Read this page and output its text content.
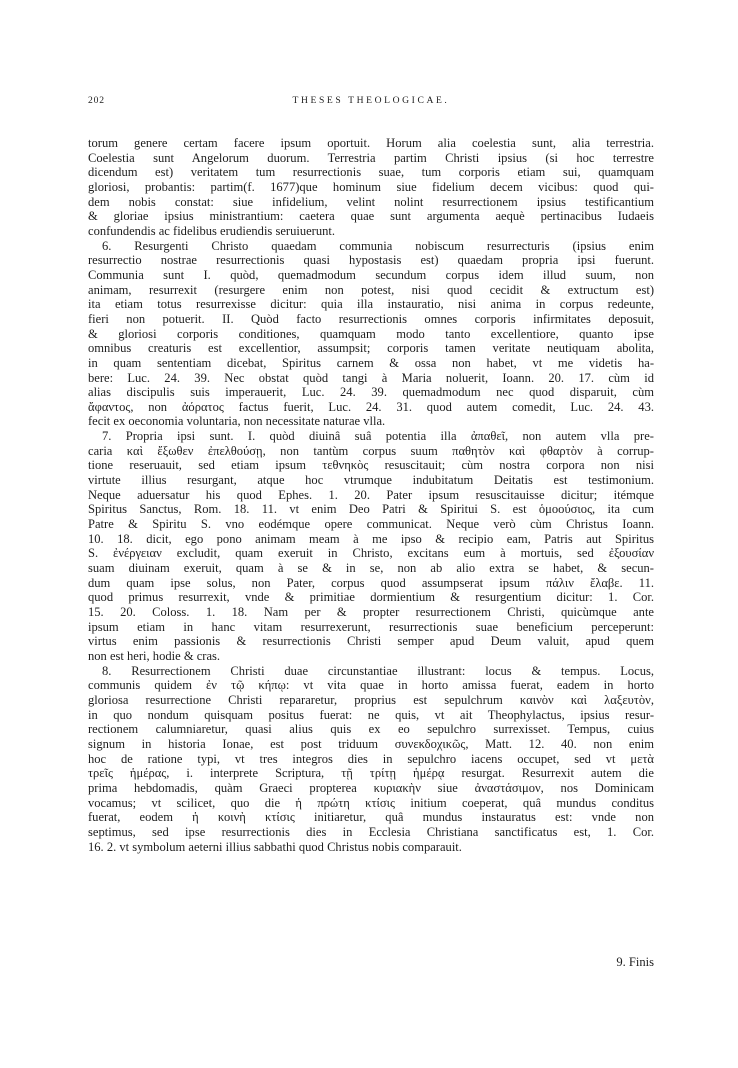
202	THESES THEOLOGICAE.

torum genere certam facere ipsum oportuit. Horum alia coelestia sunt, alia terrestria.

Coelestia sunt Angelorum duorum. Terrestria partim Christi ipsius (si hoc terrestre

dicendum est) veritatem tum resurrectionis suae, tum corporis etiam sui, quamquam

gloriosi, probantis: partim(f. 1677)que hominum siue fidelium decem vicibus: quod qui-

dem nobis constat: siue infidelium, velint nolint resurrectionem ipsius testificantium

& gloriae ipsius ministrantium: caetera quae sunt argumenta aequè pertinacibus Iudaeis

confundendis ac fidelibus erudiendis seruiuerunt.

6. Resurgenti Christo quaedam communia nobiscum resurrecturis (ipsius enim

resurrectio nostrae resurrectionis quasi hypostasis est) quaedam propria ipsi fuerunt.

Communia sunt I. quòd, quemadmodum secundum corpus idem illud suum, non

animam, resurrexit (resurgere enim non potest, nisi quod cecidit & extructum est)

ita etiam totus resurrexisse dicitur: quia illa instauratio, nisi anima in corpus redeunte,

fieri non potuerit. II. Quòd facto resurrectionis omnes corporis infirmitates deposuit,

& gloriosi corporis conditiones, quamquam modo tanto excellentiore, quanto ipse

omnibus creaturis est excellentior, assumpsit; corporis tamen veritate neutiquam abolita,

in quam sententiam dicebat, Spiritus carnem & ossa non habet, vt me videtis ha-

bere: Luc. 24. 39. Nec obstat quòd tangi à Maria noluerit, Ioann. 20. 17. cùm id

alias discipulis suis imperauerit, Luc. 24. 39. quemadmodum nec quod disparuit, cùm

ἄφαντος, non ἀόρατος factus fuerit, Luc. 24. 31. quod autem comedit, Luc. 24. 43.

fecit ex oeconomia voluntaria, non necessitate naturae vlla.

7. Propria ipsi sunt. I. quòd diuinâ suâ potentia illa ἀπαθεῖ, non autem vlla pre-

caria καὶ ἔξωθεν ἐπελθούσῃ, non tantùm corpus suum παθητὸν καὶ φθαρτὸν à corrup-

tione reseruauit, sed etiam ipsum τεθνηκὸς resuscitauit; cùm nostra corpora non nisi

virtute illius resurgant, atque hoc vtrumque indubitatum Deitatis est testimonium.

Neque aduersatur his quod Ephes. 1. 20. Pater ipsum resuscitauisse dicitur; itémque

Spiritus Sanctus, Rom. 18. 11. vt enim Deo Patri & Spiritui S. est ὁμοούσιος, ita cum

Patre & Spiritu S. vno eodémque opere communicat. Neque verò cùm Christus Ioann.

10. 18. dicit, ego pono animam meam à me ipso & recipio eam, Patris aut Spiritus

S. ἐνέργειαν excludit, quam exeruit in Christo, excitans eum à mortuis, sed ἐξουσίαν

suam diuinam exeruit, quam à se & in se, non ab alio extra se habet, & secun-

dum quam ipse solus, non Pater, corpus quod assumpserat ipsum πάλιν ἔλαβε. 11.

quod primus resurrexit, vnde & primitiae dormientium & resurgentium dicitur: 1. Cor.

15. 20. Coloss. 1. 18. Nam per & propter resurrectionem Christi, quicùmque ante

ipsum etiam in hanc vitam resurrexerunt, resurrectionis suae beneficium perceperunt:

virtus enim passionis & resurrectionis Christi semper apud Deum valuit, apud quem

non est heri, hodie & cras.

8. Resurrectionem Christi duae circunstantiae illustrant: locus & tempus. Locus,

communis quidem ἐν τῷ κήπῳ: vt vita quae in horto amissa fuerat, eadem in horto

gloriosa resurrectione Christi repararetur, proprius est sepulchrum καινὸν καὶ λαξευτὸν,

in quo nondum quisquam positus fuerat: ne quis, vt ait Theophylactus, ipsius resur-

rectionem calumniaretur, quasi alius quis ex eo sepulchro surrexisset. Tempus, cuius

signum in historia Ionae, est post triduum συνεκδοχικῶς, Matt. 12. 40. non enim

hoc de ratione typi, vt tres integros dies in sepulchro iacens occupet, sed vt μετὰ

τρεῖς ἡμέρας, i. interprete Scriptura, τῇ τρίτῃ ἡμέρᾳ resurgat. Resurrexit autem die

prima hebdomadis, quàm Graeci propterea κυριακὴν siue ἀναστάσιμον, nos Dominicam

vocamus; vt scilicet, quo die ἡ πρώτη κτίσις initium coeperat, quâ mundus conditus

fuerat, eodem ἡ κοινὴ κτίσις initiaretur, quâ mundus instauratus est: vnde non

septimus, sed ipse resurrectionis dies in Ecclesia Christiana sanctificatus est, 1. Cor.

16. 2. vt symbolum aeterni illius sabbathi quod Christus nobis comparauit.

9. Finis
